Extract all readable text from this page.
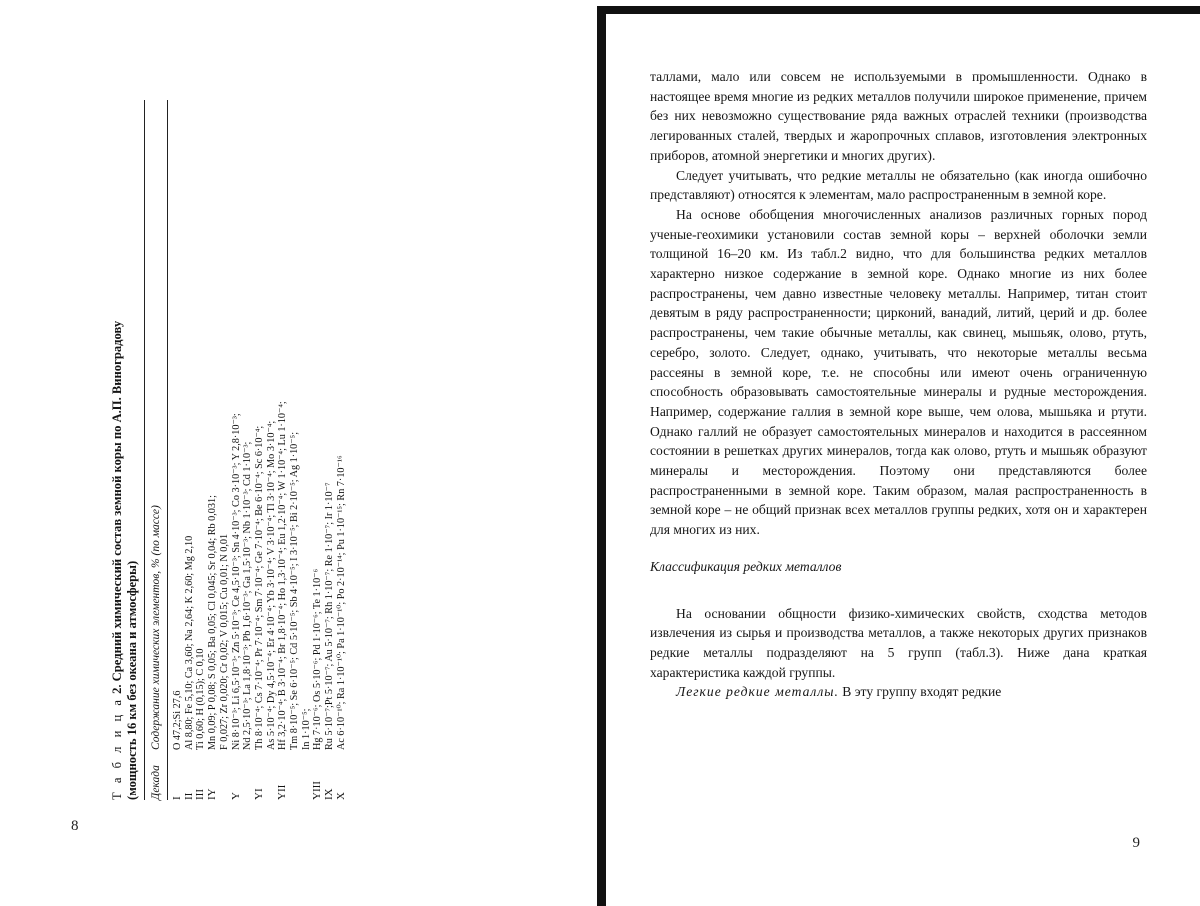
Т а б л и ц а 2. Средний химический состав земной коры по А.П. Виноградову
(мощность 16 км без океана и атмосферы) Декада
Содержание химических элементов, % (по массе)
I
O 47,2;Si 27,6
II
Al 8,80; Fe 5,10; Ca 3,60; Na 2,64; K 2,60; Mg 2,10
III
Ti 0,60; H (0,15); C 0,10
IY
Mn 0,09; P 0,08; S 0,05; Ba 0,05; Cl 0,045; Sr 0,04; Rb 0,031; F 0,027; Zr 0,020; Cr 0,02; V 0,015; Cu 0,01; N 0,01
Y
Ni 8·10⁻³; Li 6,5·10⁻³; Zn 5·10⁻³; Ce 4,5·10⁻³; Sn 4·10⁻³; Co 3·10⁻³; Y 2,8·10⁻³; Nd 2,5·10⁻³; La 1,8·10⁻³; Pb 1,6·10⁻³; Ga 1,5·10⁻³; Nb 1·10⁻³; Cd 1·10⁻³;
YI
Th 8·10⁻⁴; Cs 7·10⁻⁴; Pr 7·10⁻⁴; Sm 7·10⁻⁴; Ge 7·10⁻⁴; Be 6·10⁻⁴; Sc 6·10⁻⁴; As 5·10⁻⁴; Dy 4,5·10⁻⁴; Er 4·10⁻⁴; Yb 3·10⁻⁴; V 3·10⁻⁴; Tl 3·10⁻⁴; Mo 3·10⁻⁴;
YII
Hf 3,2·10⁻⁴; B 3·10⁻⁴; Br 1,8·10⁻⁴; Ho 1,3·10⁻⁴; Eu 1,2·10⁻⁴; W 1·10⁻⁴; Lu 1·10⁻⁴; Tm 8·10⁻⁵; Se 6·10⁻⁵; Cd 5·10⁻⁵; Sb 4·10⁻⁵; I 3·10⁻⁵; Bi 2·10⁻⁵; Ag 1·10⁻⁵; In 1·10⁻⁵;
YIII
Hg 7·10⁻⁶; Os 5·10⁻⁶; Pd 1·10⁻⁶; Te 1·10⁻⁶
IX
Ru 5·10⁻⁷;Pt 5·10⁻⁷; Au 5·10⁻⁷; Rh 1·10⁻⁷; Re 1·10⁻⁷; Ir 1·10⁻⁷
X
Ac 6·10⁻¹⁰; Ra 1·10⁻¹⁰; Pa 1·10⁻¹⁰; Po 2·10⁻¹⁴; Pu 1·10⁻¹⁵; Rn 7·10⁻¹⁶
8

таллами, мало или совсем не используемыми в промышленности. Однако в настоящее время многие из редких металлов получили широкое применение, причем без них невозможно существование ряда важных отраслей техники (производства легированных сталей, твердых и жаропрочных сплавов, изготовления электронных приборов, атомной энергетики и многих других).

Следует учитывать, что редкие металлы не обязательно (как иногда ошибочно представляют) относятся к элементам, мало распространенным в земной коре.

На основе обобщения многочисленных анализов различных горных пород ученые-геохимики установили состав земной коры – верхней оболочки земли толщиной 16–20 км. Из табл.2 видно, что для большинства редких металлов характерно низкое содержание в земной коре. Однако многие из них более распространены, чем давно известные человеку металлы. Например, титан стоит девятым в ряду распространенности; цирконий, ванадий, литий, церий и др. более распространены, чем такие обычные металлы, как свинец, мышьяк, олово, ртуть, серебро, золото. Следует, однако, учитывать, что некоторые металлы весьма рассеяны в земной коре, т.е. не способны или имеют очень ограниченную способность образовывать самостоятельные минералы и рудные месторождения. Например, содержание галлия в земной коре выше, чем олова, мышьяка и ртути. Однако галлий не образует самостоятельных минералов и находится в рассеянном состоянии в решетках других минералов, тогда как олово, ртуть и мышьяк образуют минералы и месторождения. Поэтому они представляются более распространенными в земной коре. Таким образом, малая распространенность в земной коре – не общий признак всех металлов группы редких, хотя он и характерен для многих из них.

Классификация редких металлов

На основании общности физико-химических свойств, сходства методов извлечения из сырья и производства металлов, а также некоторых других признаков редкие металлы подразделяют на 5 групп (табл.3). Ниже дана краткая характеристика каждой группы.

Легкие редкие металлы. В эту группу входят редкие

9
